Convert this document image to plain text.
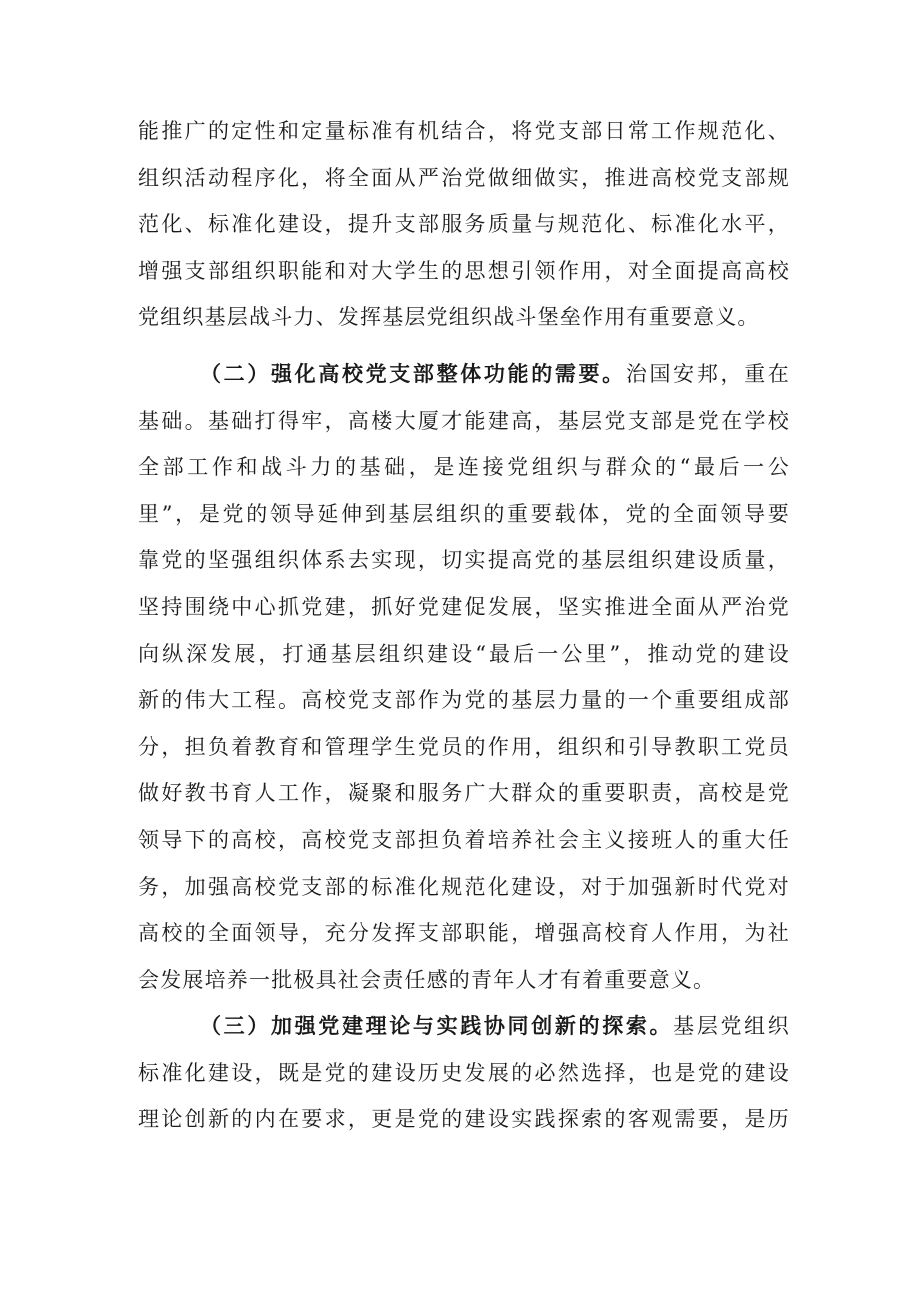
能推广的定性和定量标准有机结合，将党支部日常工作规范化、
组织活动程序化，将全面从严治党做细做实，推进高校党支部规
范化、标准化建设，提升支部服务质量与规范化、标准化水平，
增强支部组织职能和对大学生的思想引领作用，对全面提高高校
党组织基层战斗力、发挥基层党组织战斗堡垒作用有重要意义。
（二）强化高校党支部整体功能的需要。治国安邦，重在
基础。基础打得牢，高楼大厦才能建高，基层党支部是党在学校
全部工作和战斗力的基础，是连接党组织与群众的“最后一公
里”，是党的领导延伸到基层组织的重要载体，党的全面领导要
靠党的坚强组织体系去实现，切实提高党的基层组织建设质量，
坚持围绕中心抓党建，抓好党建促发展，坚实推进全面从严治党
向纵深发展，打通基层组织建设“最后一公里”，推动党的建设
新的伟大工程。高校党支部作为党的基层力量的一个重要组成部
分，担负着教育和管理学生党员的作用，组织和引导教职工党员
做好教书育人工作，凝聚和服务广大群众的重要职责，高校是党
领导下的高校，高校党支部担负着培养社会主义接班人的重大任
务，加强高校党支部的标准化规范化建设，对于加强新时代党对
高校的全面领导，充分发挥支部职能，增强高校育人作用，为社
会发展培养一批极具社会责任感的青年人才有着重要意义。
（三）加强党建理论与实践协同创新的探索。基层党组织
标准化建设，既是党的建设历史发展的必然选择，也是党的建设
理论创新的内在要求，更是党的建设实践探索的客观需要，是历
